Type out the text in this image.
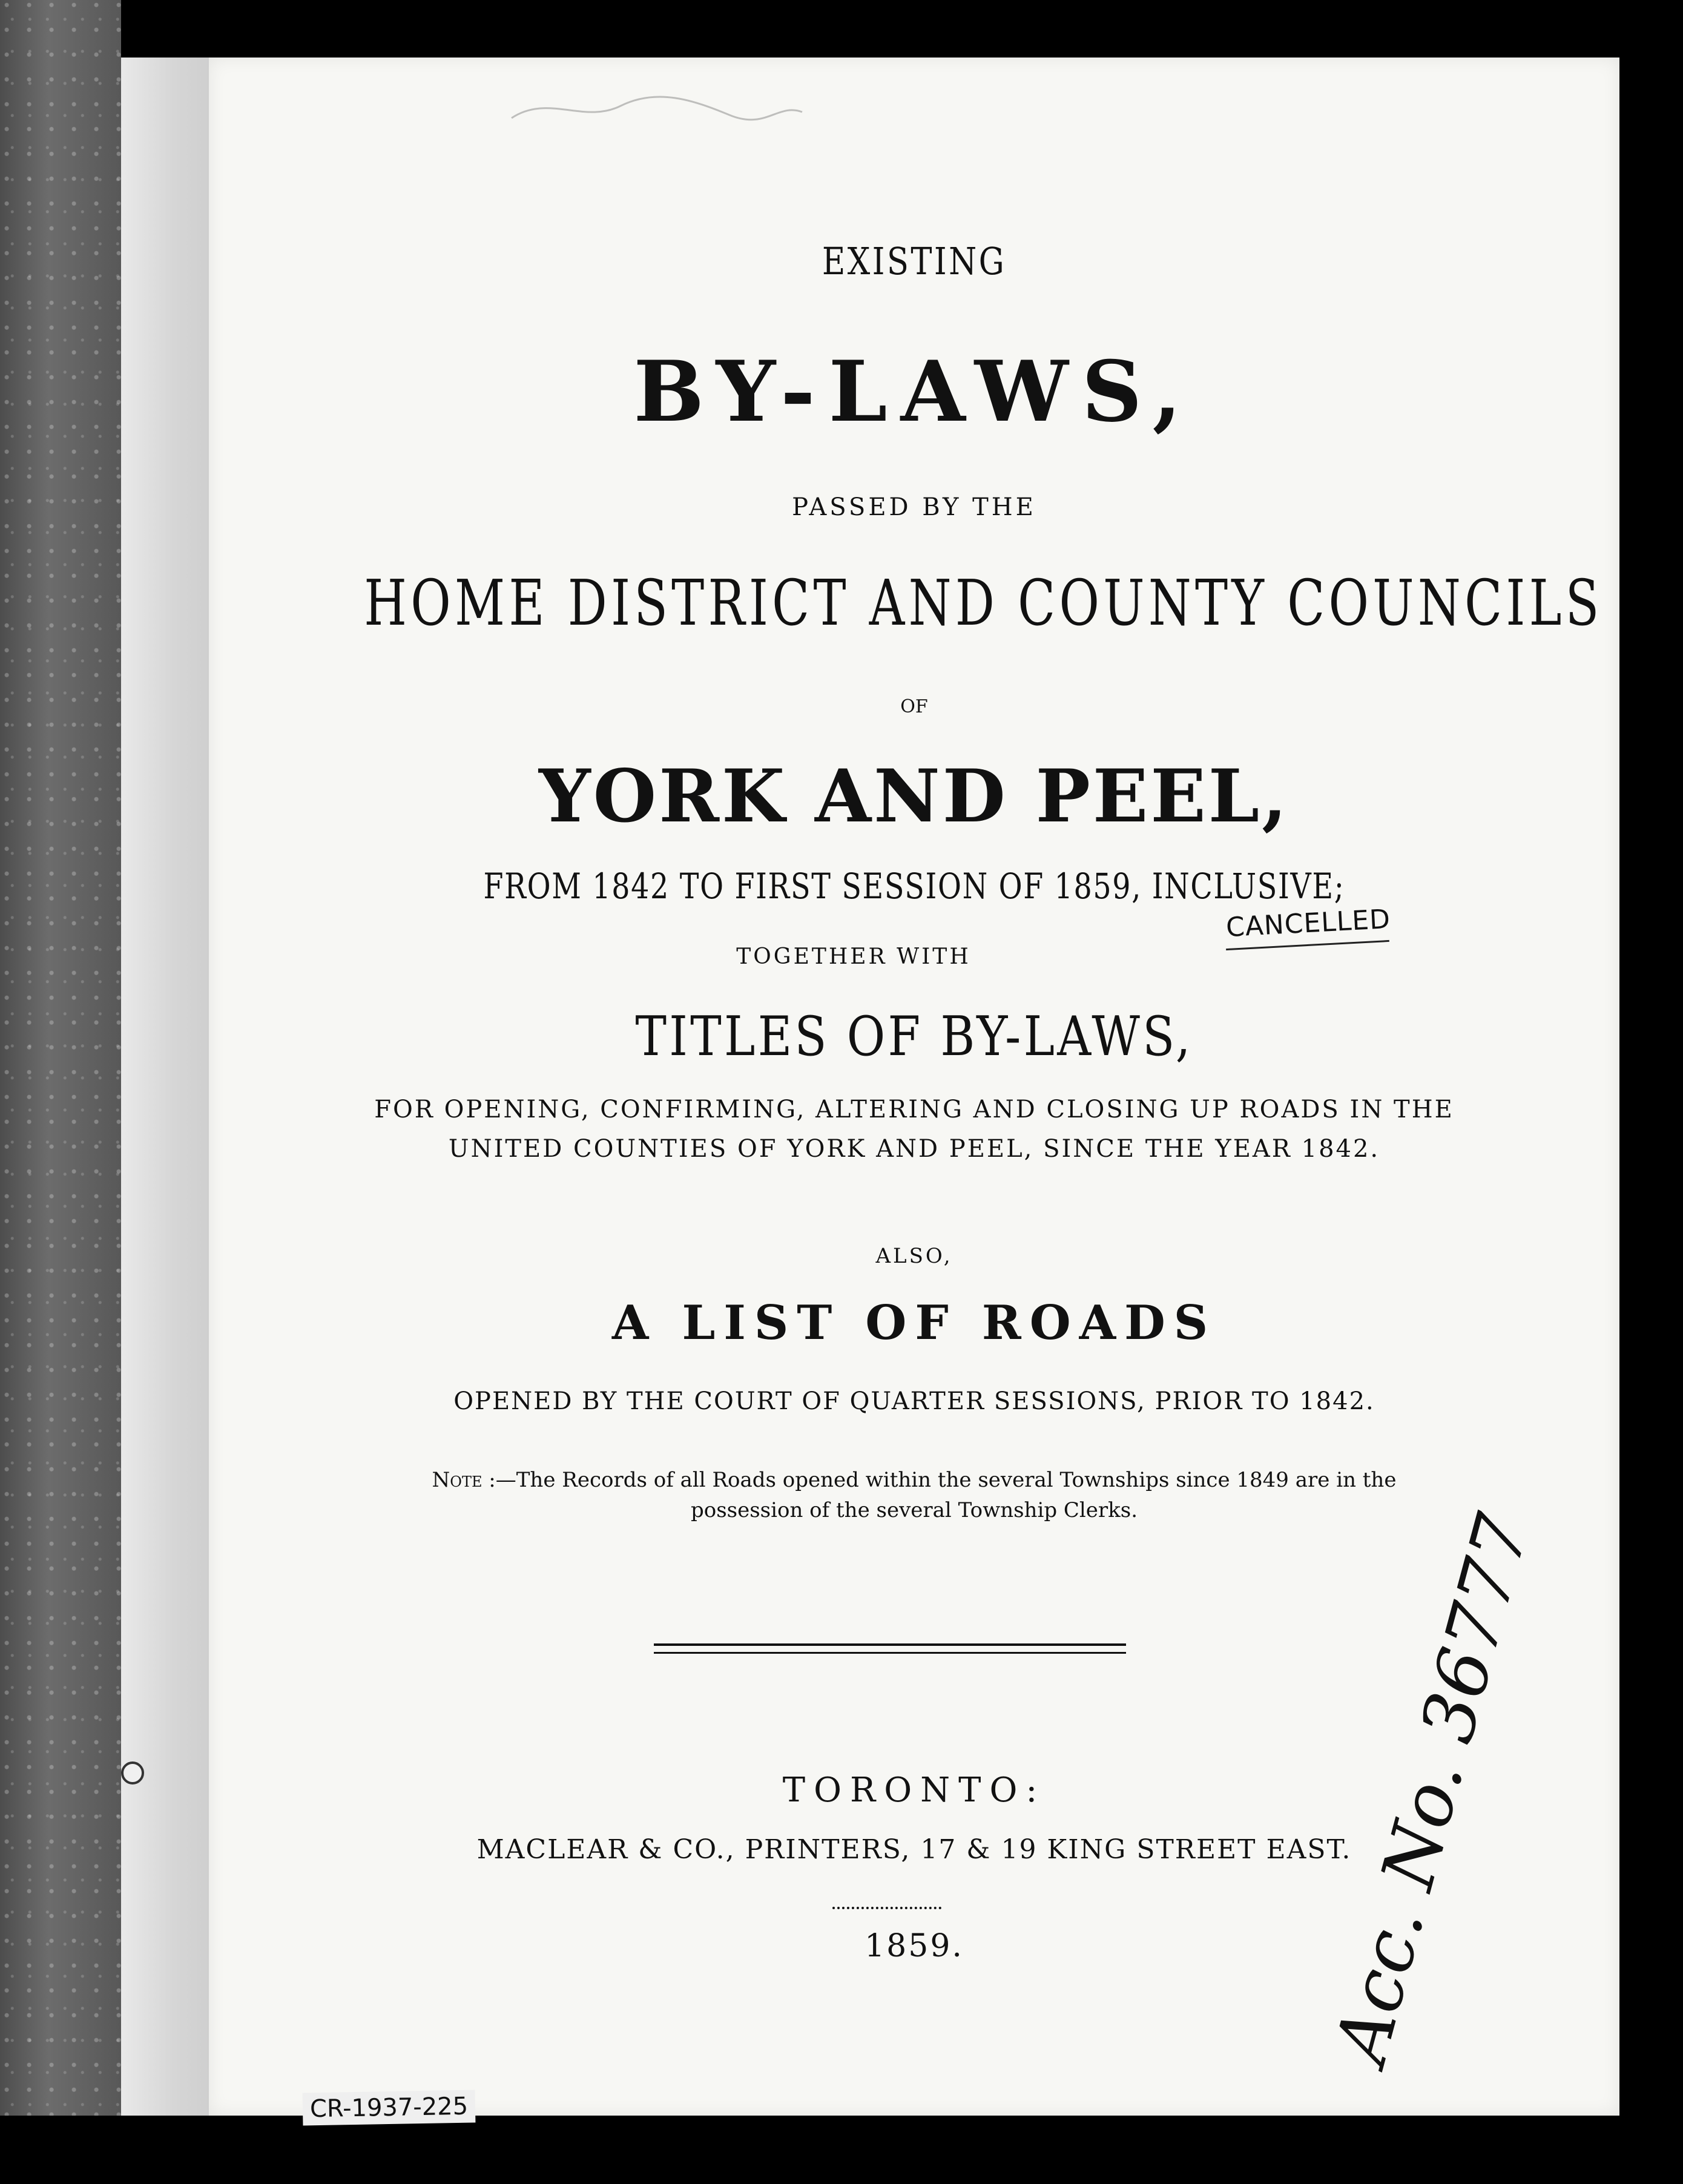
EXISTING
BY-LAWS,
PASSED BY THE
HOME DISTRICT AND COUNTY COUNCILS
OF
YORK AND PEEL,
FROM 1842 TO FIRST SESSION OF 1859, INCLUSIVE;
TOGETHER WITH
TITLES OF BY-LAWS,
FOR OPENING, CONFIRMING, ALTERING AND CLOSING UP ROADS IN THE
UNITED COUNTIES OF YORK AND PEEL, SINCE THE YEAR 1842.
ALSO,
A LIST OF ROADS
OPENED BY THE COURT OF QUARTER SESSIONS, PRIOR TO 1842.
Note :—The Records of all Roads opened within the several Townships since 1849 are in the
possession of the several Township Clerks.
TORONTO:
MACLEAR & CO., PRINTERS, 17 & 19 KING STREET EAST.
1859.
CANCELLED
Acc. No. 36777
CR-1937-225
